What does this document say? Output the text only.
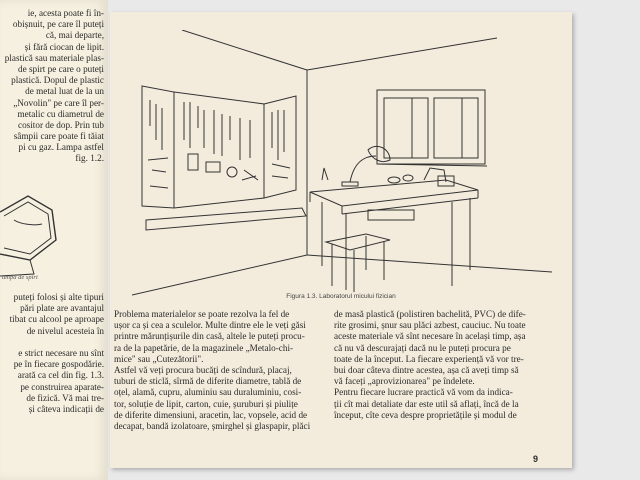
ie, acesta poate fi în-
obișnuit, pe care îl puteți
că, mai departe,
și fără ciocan de lipit.
plastică sau materiale plas-
de spirt pe care o puteți
plastică. Dopul de plastic
de metal luat de la un
„Novolin" pe care îl per-
metalic cu diametrul de
cositor de dop. Prin tub
sâmpii care poate fi tăiat
pi cu gaz. Lampa astfel
fig. 1.2.
ampa de spirt
puteți folosi și alte tipuri
pări plate are avantajul
tibat cu alcool pe aproape
de nivelul acesteia în
e strict necesare nu sînt
pe în fiecare gospodărie.
arată ca cel din fig. 1.3.
pe construirea aparate-
de fizică. Vă mai tre-
și câteva indicații de
Figura 1.3. Laboratorul micului fizician
Problema materialelor se poate rezolva la fel de
ușor ca și cea a sculelor. Multe dintre ele le veți găsi
printre mărunțișurile din casă, altele le puteți procu-
ra de la papetărie, de la magazinele „Metalo-chi-
mice" sau „Cutezătorii".
Astfel vă veți procura bucăți de scîndură, placaj,
tuburi de sticlă, sîrmă de diferite diametre, tablă de
oțel, alamă, cupru, aluminiu sau duraluminiu, cosi-
tor, soluție de lipit, carton, cuie, șuruburi și piulițe
de diferite dimensiuni, aracetin, lac, vopsele, acid de
decapat, bandă izolatoare, șmirghel și glaspapir, plăci
de masă plastică (polistiren bachelită, PVC) de dife-
rite grosimi, șnur sau plăci azbest, cauciuc. Nu toate
aceste materiale vă sînt necesare în același timp, așa
că nu vă descurajați dacă nu le puteți procura pe
toate de la început. La fiecare experiență vă vor tre-
bui doar câteva dintre acestea, așa că aveți timp să
vă faceți „aprovizionarea" pe îndelete.
Pentru fiecare lucrare practică vă vom da indica-
ții cît mai detaliate dar este util să aflați, încă de la
început, cîte ceva despre proprietățile și modul de
9
